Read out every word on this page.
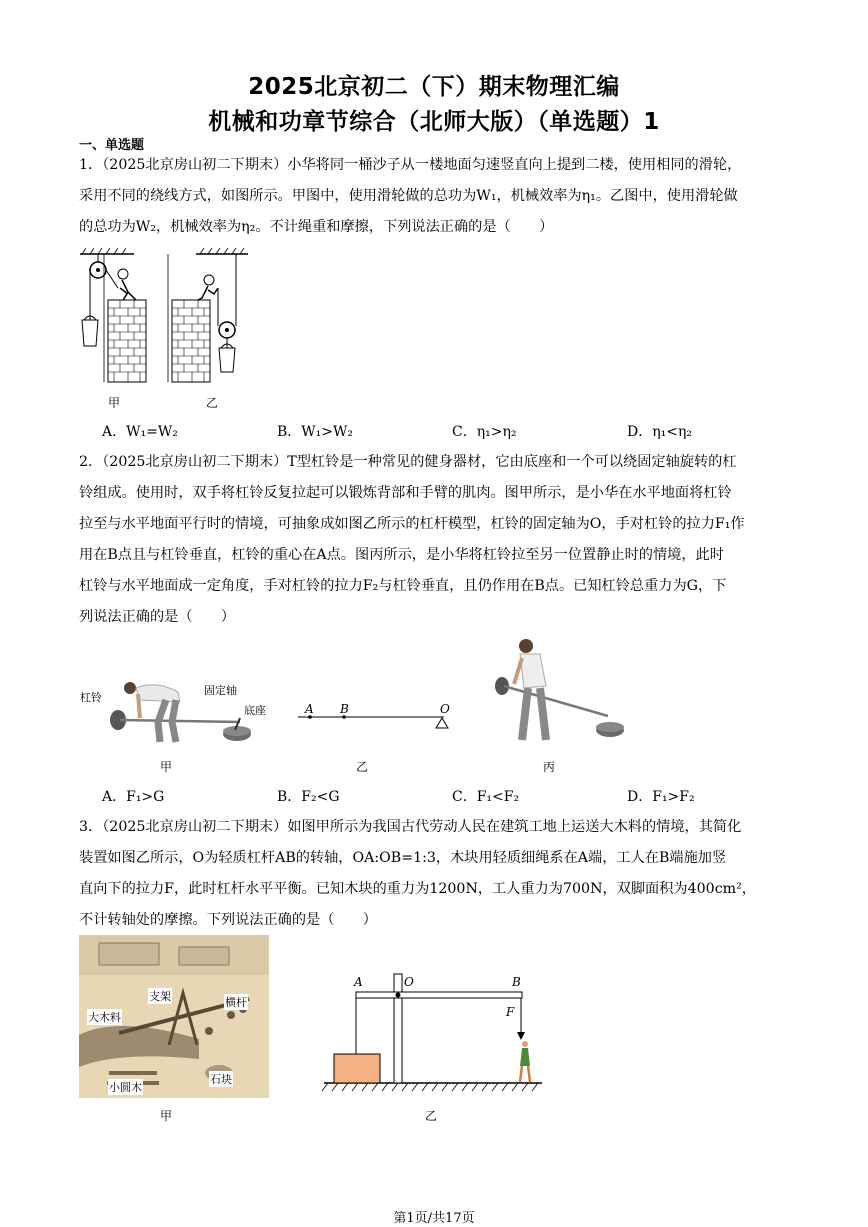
2025北京初二（下）期末物理汇编
机械和功章节综合（北师大版）（单选题）1
一、单选题
1．（2025北京房山初二下期末）小华将同一桶沙子从一楼地面匀速竖直向上提到二楼，使用相同的滑轮，
采用不同的绕线方式，如图所示。甲图中，使用滑轮做的总功为W₁，机械效率为η₁。乙图中，使用滑轮做
的总功为W₂，机械效率为η₂。不计绳重和摩擦，下列说法正确的是（　　）
甲	乙
A．W₁=W₂	B．W₁>W₂	C．η₁>η₂	D．η₁<η₂
2．（2025北京房山初二下期末）T型杠铃是一种常见的健身器材，它由底座和一个可以绕固定轴旋转的杠
铃组成。使用时，双手将杠铃反复拉起可以锻炼背部和手臂的肌肉。图甲所示，是小华在水平地面将杠铃
拉至与水平地面平行时的情境，可抽象成如图乙所示的杠杆模型，杠铃的固定轴为O，手对杠铃的拉力F₁作
用在B点且与杠铃垂直，杠铃的重心在A点。图丙所示，是小华将杠铃拉至另一位置静止时的情境，此时
杠铃与水平地面成一定角度，手对杠铃的拉力F₂与杠铃垂直，且仍作用在B点。已知杠铃总重力为G，下
列说法正确的是（　　）
杠铃
固定轴
底座	A B	O
甲	乙	丙
A．F₁>G	B．F₂<G	C．F₁<F₂	D．F₁>F₂
3．（2025北京房山初二下期末）如图甲所示为我国古代劳动人民在建筑工地上运送大木料的情境，其简化
装置如图乙所示，O为轻质杠杆AB的转轴，OA:OB=1:3，木块用轻质细绳系在A端，工人在B端施加竖
直向下的拉力F，此时杠杆水平平衡。已知木块的重力为1200N，工人重力为700N，双脚面积为400cm²，
不计转轴处的摩擦。下列说法正确的是（　　）
支架	横杆
大木料
小圆木
石块
A	O	B
F
甲	乙
第1页/共17页
